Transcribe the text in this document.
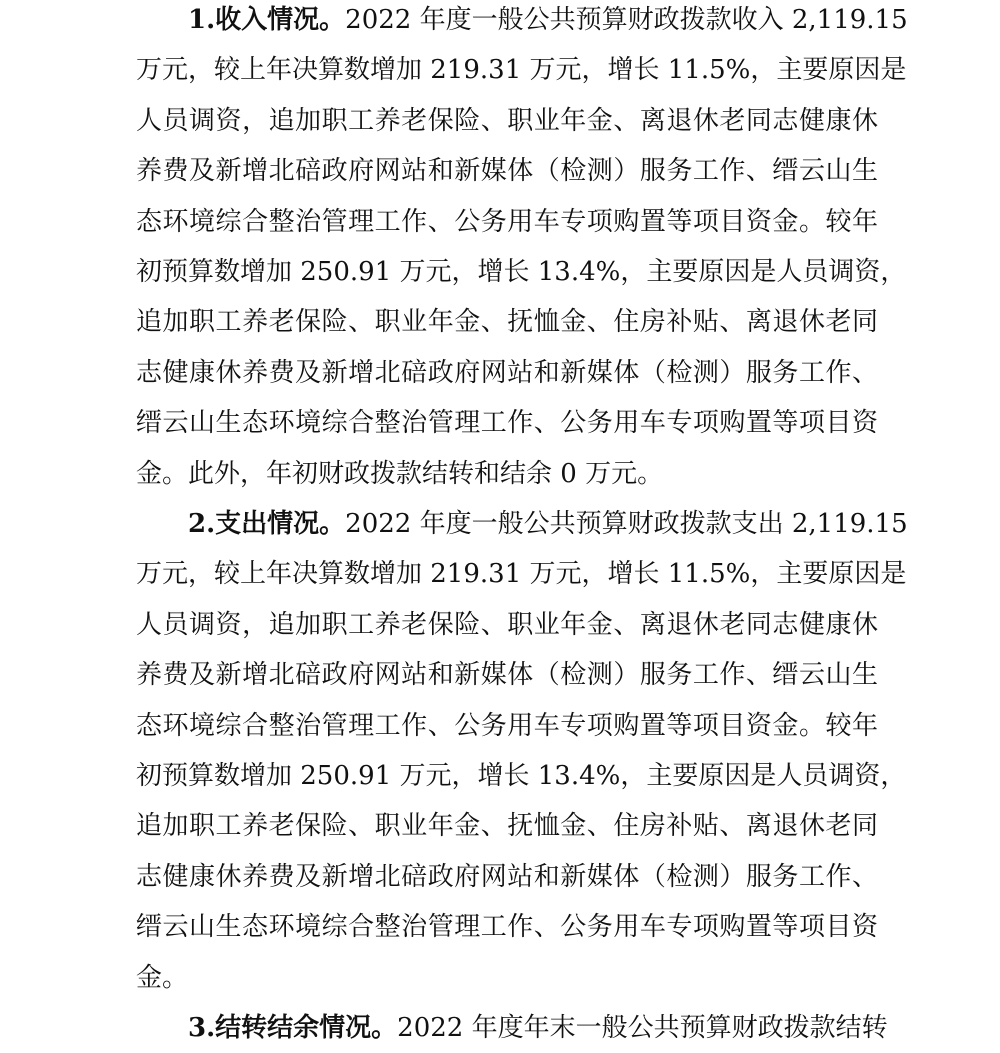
1.收入情况。2022 年度一般公共预算财政拨款收入 2,119.15
万元，较上年决算数增加 219.31 万元，增长 11.5%，主要原因是
人员调资，追加职工养老保险、职业年金、离退休老同志健康休
养费及新增北碚政府网站和新媒体（检测）服务工作、缙云山生
态环境综合整治管理工作、公务用车专项购置等项目资金。较年
初预算数增加 250.91 万元，增长 13.4%，主要原因是人员调资，
追加职工养老保险、职业年金、抚恤金、住房补贴、离退休老同
志健康休养费及新增北碚政府网站和新媒体（检测）服务工作、
缙云山生态环境综合整治管理工作、公务用车专项购置等项目资
金。此外，年初财政拨款结转和结余 0 万元。
2.支出情况。2022 年度一般公共预算财政拨款支出 2,119.15
万元，较上年决算数增加 219.31 万元，增长 11.5%，主要原因是
人员调资，追加职工养老保险、职业年金、离退休老同志健康休
养费及新增北碚政府网站和新媒体（检测）服务工作、缙云山生
态环境综合整治管理工作、公务用车专项购置等项目资金。较年
初预算数增加 250.91 万元，增长 13.4%，主要原因是人员调资，
追加职工养老保险、职业年金、抚恤金、住房补贴、离退休老同
志健康休养费及新增北碚政府网站和新媒体（检测）服务工作、
缙云山生态环境综合整治管理工作、公务用车专项购置等项目资
金。
3.结转结余情况。2022 年度年末一般公共预算财政拨款结转
